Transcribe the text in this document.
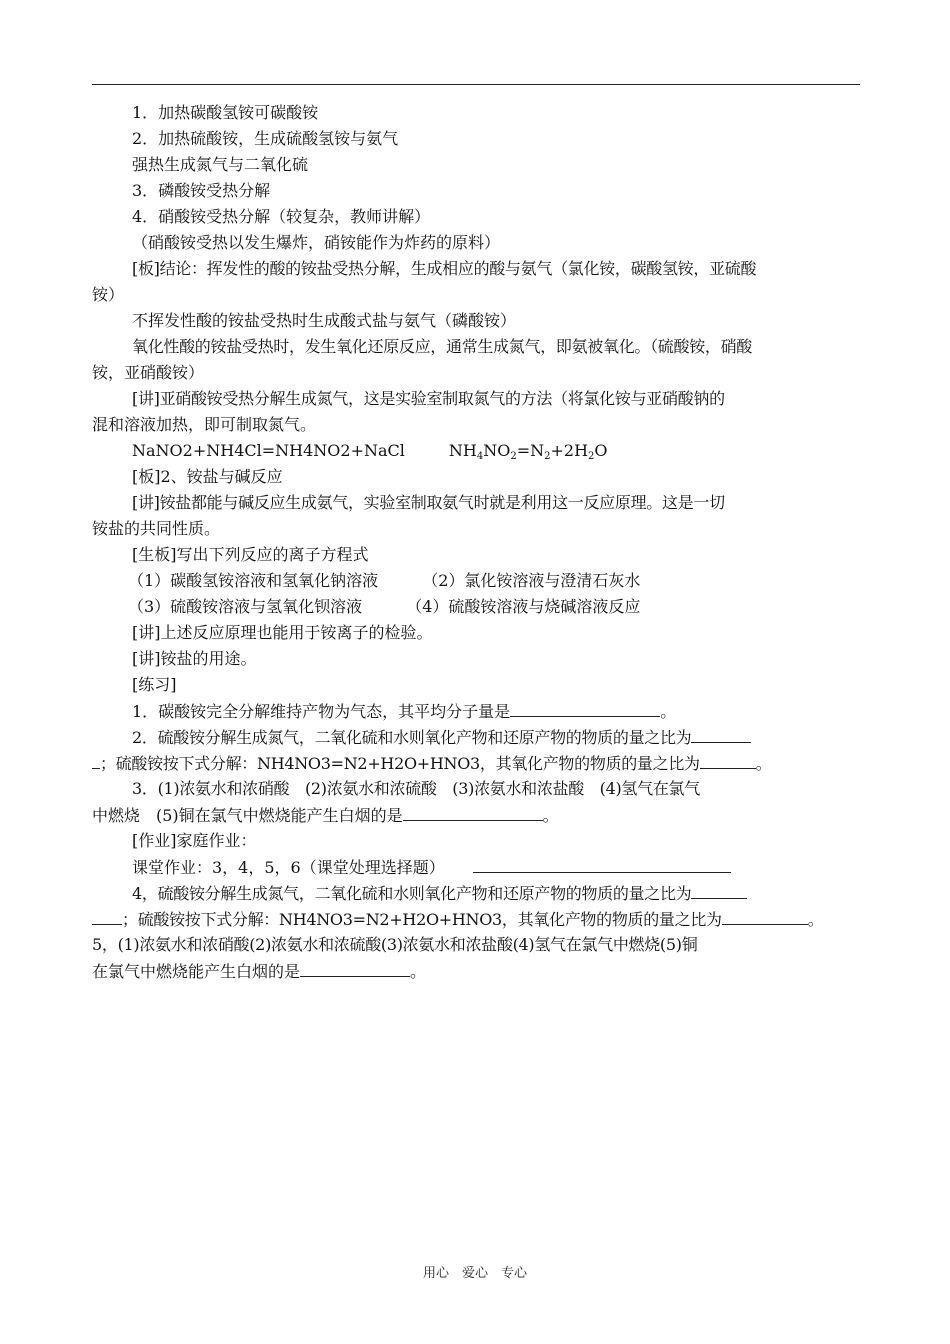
1．加热碳酸氢铵可碳酸铵
2．加热硫酸铵，生成硫酸氢铵与氨气
强热生成氮气与二氧化硫
3．磷酸铵受热分解
4．硝酸铵受热分解（较复杂，教师讲解）
（硝酸铵受热以发生爆炸，硝铵能作为炸药的原料）
[板]结论：挥发性的酸的铵盐受热分解，生成相应的酸与氨气（氯化铵，碳酸氢铵，亚硫酸
铵）
不挥发性酸的铵盐受热时生成酸式盐与氨气（磷酸铵）
氧化性酸的铵盐受热时，发生氧化还原反应，通常生成氮气，即氨被氧化。（硫酸铵，硝酸
铵，亚硝酸铵）
[讲]亚硝酸铵受热分解生成氮气，这是实验室制取氮气的方法（将氯化铵与亚硝酸钠的
混和溶液加热，即可制取氮气。
NaNO2+NH4Cl=NH4NO2+NaCl	$NH_4NO_2=N_2+2H_2O$
[板]2、铵盐与碱反应
[讲]铵盐都能与碱反应生成氨气，实验室制取氨气时就是利用这一反应原理。这是一切
铵盐的共同性质。
[生板]写出下列反应的离子方程式
（1）碳酸氢铵溶液和氢氧化钠溶液	（2）氯化铵溶液与澄清石灰水
（3）硫酸铵溶液与氢氧化钡溶液	（4）硫酸铵溶液与烧碱溶液反应
[讲]上述反应原理也能用于铵离子的检验。
[讲]铵盐的用途。
[练习]
1．碳酸铵完全分解维持产物为气态，其平均分子量是	。
2．硫酸铵分解生成氮气，二氧化硫和水则氧化产物和还原产物的物质的量之比为
；硫酸铵按下式分解：NH4NO3=N2+H2O+HNO3，其氧化产物的物质的量之比为	。
3．(1)浓氨水和浓硝酸　(2)浓氨水和浓硫酸　(3)浓氨水和浓盐酸　(4)氢气在氯气
中燃烧　(5)铜在氯气中燃烧能产生白烟的是	。
[作业]家庭作业：
课堂作业：3，4，5，6（课堂处理选择题）
4，硫酸铵分解生成氮气，二氧化硫和水则氧化产物和还原产物的物质的量之比为
；硫酸铵按下式分解：NH4NO3=N2+H2O+HNO3，其氧化产物的物质的量之比为	。
5，(1)浓氨水和浓硝酸(2)浓氨水和浓硫酸(3)浓氨水和浓盐酸(4)氢气在氯气中燃烧(5)铜
在氯气中燃烧能产生白烟的是	。
用心　爱心　专心
